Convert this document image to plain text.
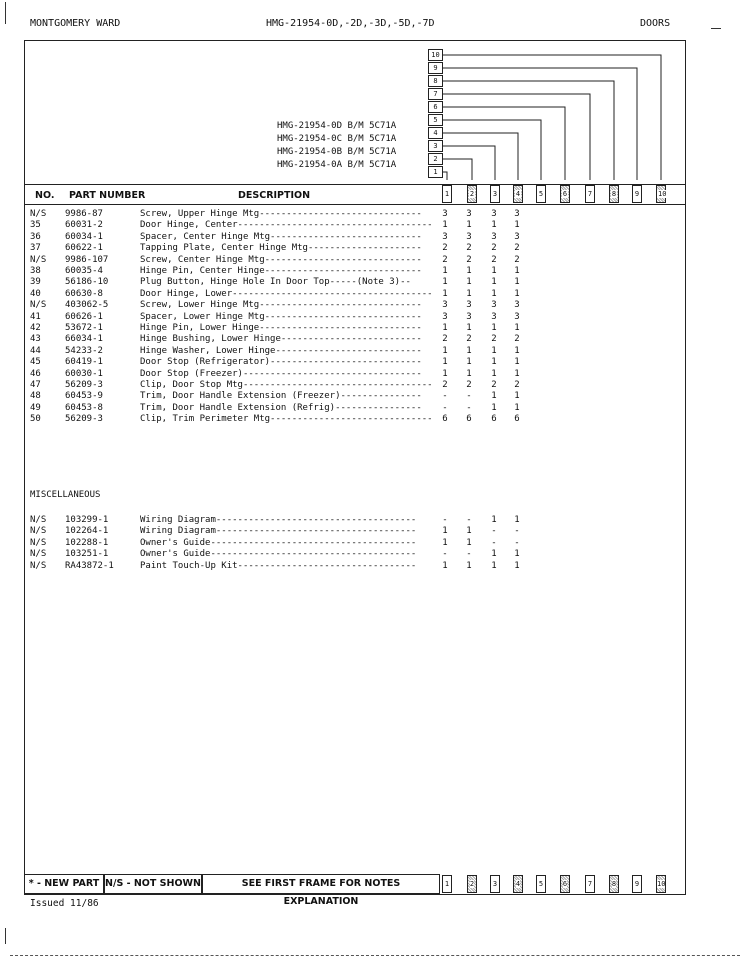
MONTGOMERY WARD	HMG-21954-0D,-2D,-3D,-5D,-7D	DOORS
10
9
8
7
6
5
4
3
2
1
HMG-21954-0D B/M 5C71A
HMG-21954-0C B/M 5C71A
HMG-21954-0B B/M 5C71A
HMG-21954-0A B/M 5C71A
NO. PART NUMBER	DESCRIPTION	1	2	3	4	5	6	7	8	9	10
N/S 9986-87	Screw, Upper Hinge Mtg------------------------------	3	3	3	3
35	60031-2	Door Hinge, Center------------------------------------	1	1	1	1
36	60034-1	Spacer, Center Hinge Mtg----------------------------	3	3	3	3
37	60622-1	Tapping Plate, Center Hinge Mtg---------------------	2	2	2	2
N/S 9986-107	Screw, Center Hinge Mtg-----------------------------	2	2	2	2
38	60035-4	Hinge Pin, Center Hinge-----------------------------	1	1	1	1
39	56186-10	Plug Button, Hinge Hole In Door Top-----(Note 3)--	1	1	1	1
40	60630-8	Door Hinge, Lower-------------------------------------	1	1	1	1
N/S 403062-5	Screw, Lower Hinge Mtg------------------------------	3	3	3	3
41	60626-1	Spacer, Lower Hinge Mtg-----------------------------	3	3	3	3
42	53672-1	Hinge Pin, Lower Hinge------------------------------	1	1	1	1
43	66034-1	Hinge Bushing, Lower Hinge--------------------------	2	2	2	2
44	54233-2	Hinge Washer, Lower Hinge---------------------------	1	1	1	1
45	60419-1	Door Stop (Refrigerator)----------------------------	1	1	1	1
46	60030-1	Door Stop (Freezer)---------------------------------	1	1	1	1
47	56209-3	Clip, Door Stop Mtg-----------------------------------	2	2	2	2
48	60453-9	Trim, Door Handle Extension (Freezer)---------------	-	-	1	1
49	60453-8	Trim, Door Handle Extension (Refrig)----------------	-	-	1	1
50	56209-3	Clip, Trim Perimeter Mtg------------------------------	6	6	6	6
MISCELLANEOUS
N/S 103299-1	Wiring Diagram-------------------------------------	-	-	1	1
N/S 102264-1	Wiring Diagram-------------------------------------	1	1	-	-
N/S 102288-1	Owner's Guide--------------------------------------	1	1	-	-
N/S 103251-1	Owner's Guide--------------------------------------	-	-	1	1
N/S RA43872-1	Paint Touch-Up Kit---------------------------------	1	1	1	1
* - NEW PART N/S - NOT SHOWN	SEE FIRST FRAME FOR NOTES EXPLANATION
1	2	3	4	5	6	7	8	9	10
Issued 11/86
